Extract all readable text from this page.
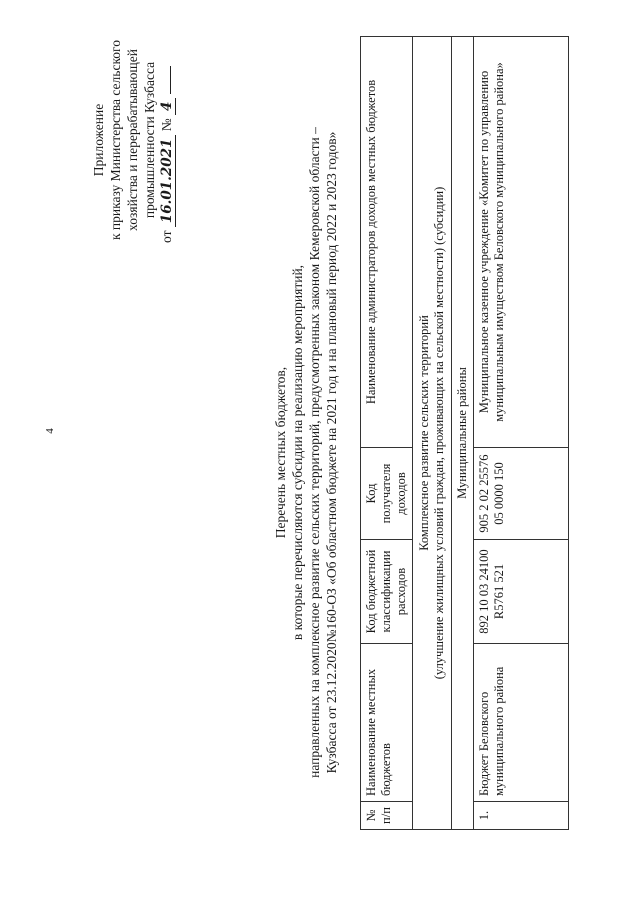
4
Приложение к приказу Министерства сельского хозяйства и перерабатывающей промышленности Кузбасса
от 16.01.2021 № 4
Перечень местных бюджетов, в которые перечисляются субсидии на реализацию мероприятий, направленных на комплексное развитие сельских территорий, предусмотренных законом Кемеровской области – Кузбасса от 23.12.2020№160-ОЗ «Об областном бюджете на 2021 год и на плановый период 2022 и 2023 годов»
№ п/п	Наименование местных бюджетов	Код бюджетной классификации расходов	Код получателя доходов	Наименование администраторов доходов местных бюджетов

Комплексное развитие сельских территорий (улучшение жилищных условий граждан, проживающих на сельской местности) (субсидии)				

Муниципальные районы				
1.	Бюджет Беловского муниципального района	892 10 03 24100 R5761 521	905 2 02 25576 05 0000 150	Муниципальное казенное учреждение «Комитет по управлению муниципальным имуществом Беловского муниципального района»
